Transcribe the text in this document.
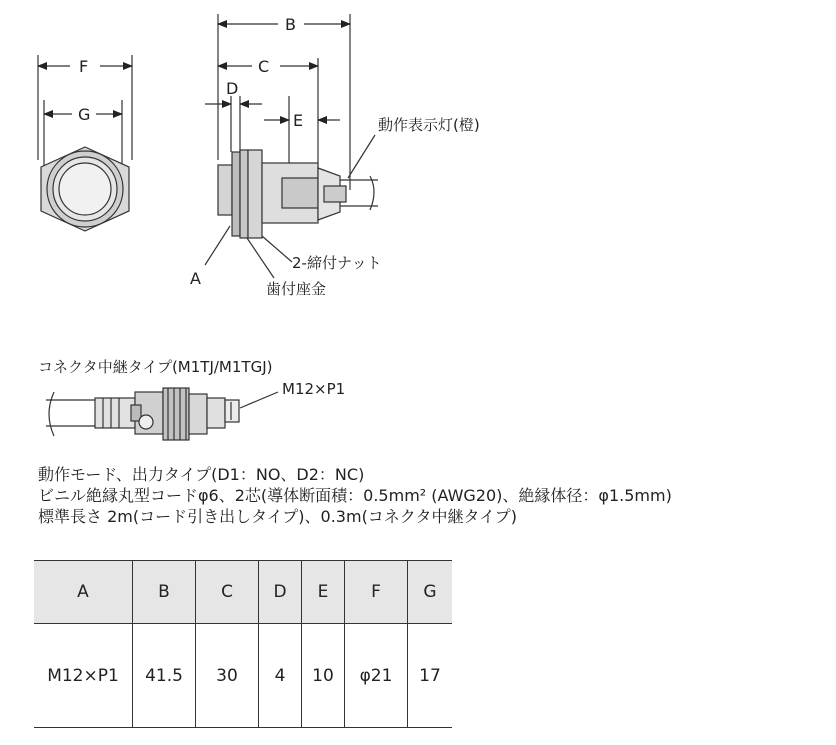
F
G
B
C
D
E
A
動作表示灯(橙)
2-締付ナット
歯付座金
コネクタ中継タイプ(M1TJ/M1TGJ)
M12×P1
動作モード、出力タイプ(D1：NO、D2：NC)
ビニル絶縁丸型コードφ6、2芯(導体断面積：0.5mm² (AWG20)、絶縁体径：φ1.5mm)
標準長さ 2m(コード引き出しタイプ)、0.3m(コネクタ中継タイプ)
A	B	C	D	E	F	G
M12×P1	41.5	30	4	10	φ21	17
